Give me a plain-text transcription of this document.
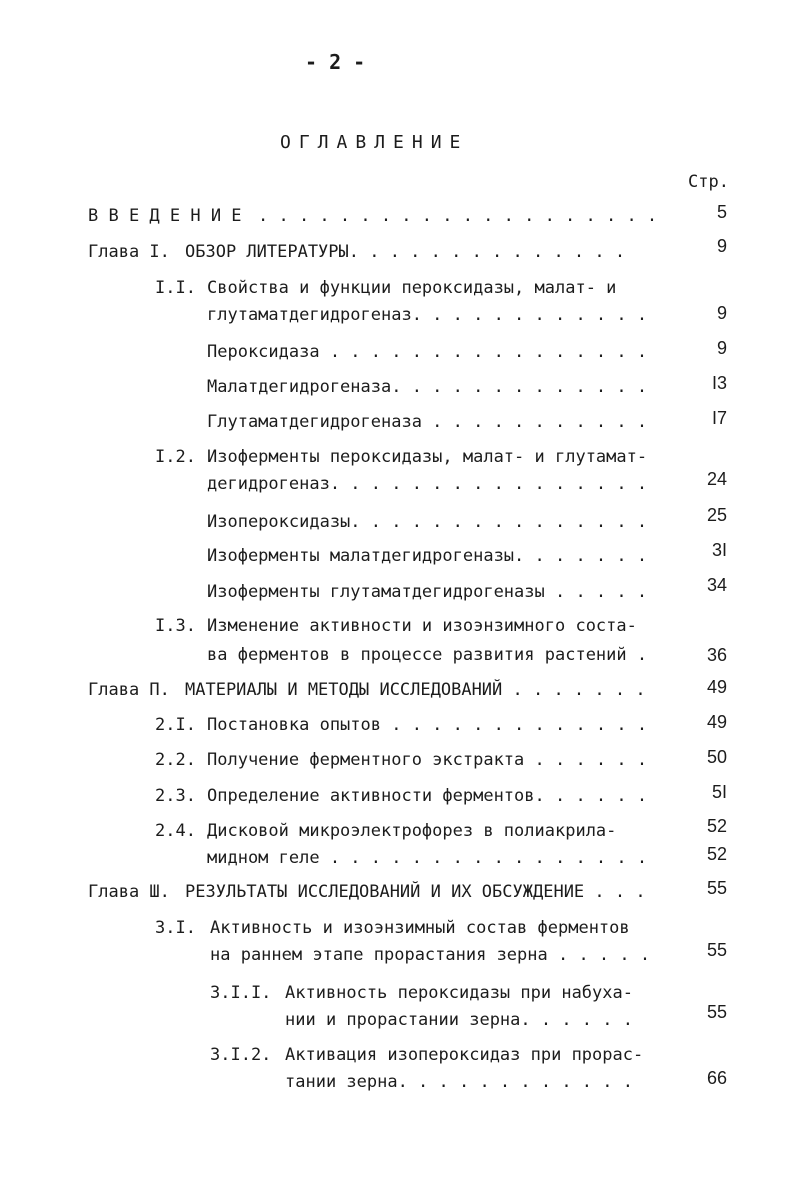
- 2 -
ОГЛАВЛЕНИЕ
Стр.
В В Е Д Е Н И Е . . . . . . . . . . . . . . . . . . . .	5
Глава I. ОБЗОР ЛИТЕРАТУРЫ. . . . . . . . . . . . . .	9
I.I. Свойства и функции пероксидазы, малат- и
глутаматдегидрогеназ. . . . . . . . . . . .	9
Пероксидаза . . . . . . . . . . . . . . . .	9
Малатдегидрогеназа. . . . . . . . . . . . .	I3
Глутаматдегидрогеназа . . . . . . . . . . .	I7
I.2. Изоферменты пероксидазы, малат- и глутамат-
дегидрогеназ. . . . . . . . . . . . . . . .	24
Изопероксидазы. . . . . . . . . . . . . . .	25
Изоферменты малатдегидрогеназы. . . . . . .	3I
Изоферменты глутаматдегидрогеназы . . . . .	34
I.3. Изменение активности и изоэнзимного соста-
ва ферментов в процессе развития растений .	36
Глава П. МАТЕРИАЛЫ И МЕТОДЫ ИССЛЕДОВАНИЙ . . . . . . .	49
2.I. Постановка опытов . . . . . . . . . . . . .	49
2.2. Получение ферментного экстракта . . . . . .	50
2.3. Определение активности ферментов. . . . . .	5I
2.4. Дисковой микроэлектрофорез в полиакрила-	52
мидном геле . . . . . . . . . . . . . . . .	52
Глава Ш. РЕЗУЛЬТАТЫ ИССЛЕДОВАНИЙ И ИХ ОБСУЖДЕНИЕ . . .	55
3.I. Активность и изоэнзимный состав ферментов
на раннем этапе прорастания зерна . . . . .	55
3.I.I. Активность пероксидазы при набуха-
нии и прорастании зерна. . . . . .	55
3.I.2. Активация изопероксидаз при прорас-
тании зерна. . . . . . . . . . . .	66
